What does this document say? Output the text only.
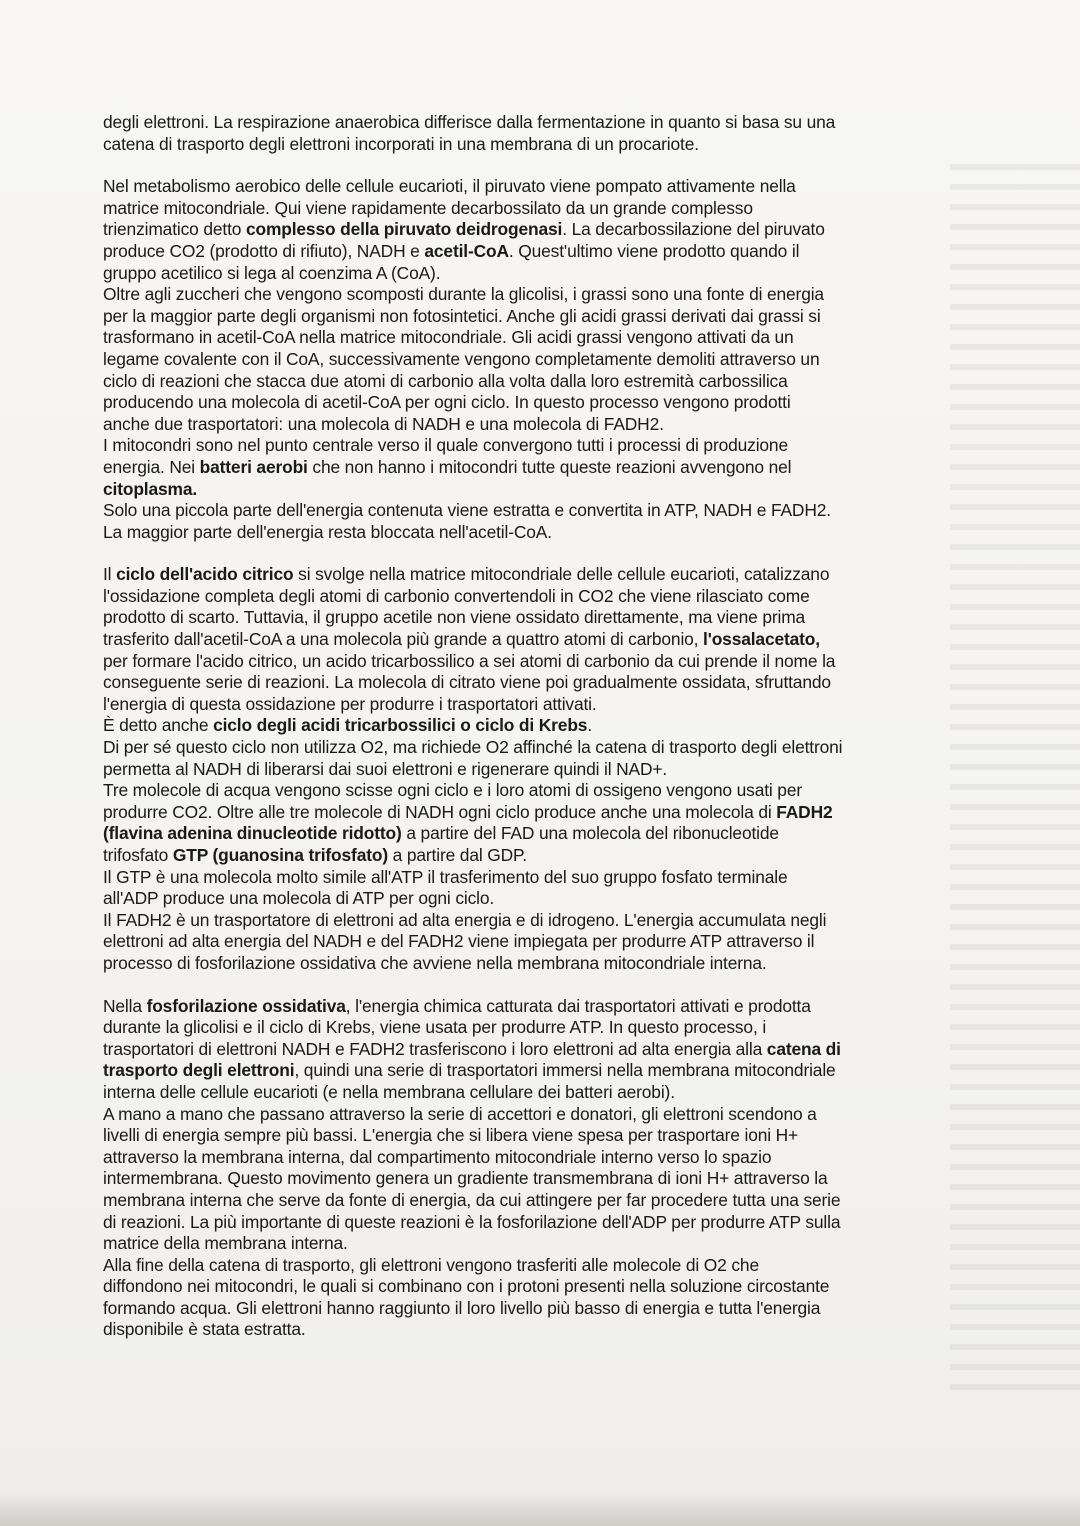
degli elettroni. La respirazione anaerobica differisce dalla fermentazione in quanto si basa su una
catena di trasporto degli elettroni incorporati in una membrana di un procariote.

Nel metabolismo aerobico delle cellule eucarioti, il piruvato viene pompato attivamente nella
matrice mitocondriale. Qui viene rapidamente decarbossilato da un grande complesso
trienzimatico detto complesso della piruvato deidrogenasi. La decarbossilazione del piruvato
produce CO2 (prodotto di rifiuto), NADH e acetil-CoA. Quest'ultimo viene prodotto quando il
gruppo acetilico si lega al coenzima A (CoA).
Oltre agli zuccheri che vengono scomposti durante la glicolisi, i grassi sono una fonte di energia
per la maggior parte degli organismi non fotosintetici. Anche gli acidi grassi derivati dai grassi si
trasformano in acetil-CoA nella matrice mitocondriale. Gli acidi grassi vengono attivati da un
legame covalente con il CoA, successivamente vengono completamente demoliti attraverso un
ciclo di reazioni che stacca due atomi di carbonio alla volta dalla loro estremità carbossilica
producendo una molecola di acetil-CoA per ogni ciclo. In questo processo vengono prodotti
anche due trasportatori: una molecola di NADH e una molecola di FADH2.
I mitocondri sono nel punto centrale verso il quale convergono tutti i processi di produzione
energia. Nei batteri aerobi che non hanno i mitocondri tutte queste reazioni avvengono nel
citoplasma.
Solo una piccola parte dell'energia contenuta viene estratta e convertita in ATP, NADH e FADH2.
La maggior parte dell'energia resta bloccata nell'acetil-CoA.

Il ciclo dell'acido citrico si svolge nella matrice mitocondriale delle cellule eucarioti, catalizzano
l'ossidazione completa degli atomi di carbonio convertendoli in CO2 che viene rilasciato come
prodotto di scarto. Tuttavia, il gruppo acetile non viene ossidato direttamente, ma viene prima
trasferito dall'acetil-CoA a una molecola più grande a quattro atomi di carbonio, l'ossalacetato,
per formare l'acido citrico, un acido tricarbossilico a sei atomi di carbonio da cui prende il nome la
conseguente serie di reazioni. La molecola di citrato viene poi gradualmente ossidata, sfruttando
l'energia di questa ossidazione per produrre i trasportatori attivati.
È detto anche ciclo degli acidi tricarbossilici o ciclo di Krebs.
Di per sé questo ciclo non utilizza O2, ma richiede O2 affinché la catena di trasporto degli elettroni
permetta al NADH di liberarsi dai suoi elettroni e rigenerare quindi il NAD+.
Tre molecole di acqua vengono scisse ogni ciclo e i loro atomi di ossigeno vengono usati per
produrre CO2. Oltre alle tre molecole di NADH ogni ciclo produce anche una molecola di FADH2
(flavina adenina dinucleotide ridotto) a partire del FAD una molecola del ribonucleotide
trifosfato GTP (guanosina trifosfato) a partire dal GDP.
Il GTP è una molecola molto simile all'ATP il trasferimento del suo gruppo fosfato terminale
all'ADP produce una molecola di ATP per ogni ciclo.
Il FADH2 è un trasportatore di elettroni ad alta energia e di idrogeno. L'energia accumulata negli
elettroni ad alta energia del NADH e del FADH2 viene impiegata per produrre ATP attraverso il
processo di fosforilazione ossidativa che avviene nella membrana mitocondriale interna.

Nella fosforilazione ossidativa, l'energia chimica catturata dai trasportatori attivati e prodotta
durante la glicolisi e il ciclo di Krebs, viene usata per produrre ATP. In questo processo, i
trasportatori di elettroni NADH e FADH2 trasferiscono i loro elettroni ad alta energia alla catena di
trasporto degli elettroni, quindi una serie di trasportatori immersi nella membrana mitocondriale
interna delle cellule eucarioti (e nella membrana cellulare dei batteri aerobi).
A mano a mano che passano attraverso la serie di accettori e donatori, gli elettroni scendono a
livelli di energia sempre più bassi. L'energia che si libera viene spesa per trasportare ioni H+
attraverso la membrana interna, dal compartimento mitocondriale interno verso lo spazio
intermembrana. Questo movimento genera un gradiente transmembrana di ioni H+ attraverso la
membrana interna che serve da fonte di energia, da cui attingere per far procedere tutta una serie
di reazioni. La più importante di queste reazioni è la fosforilazione dell'ADP per produrre ATP sulla
matrice della membrana interna.
Alla fine della catena di trasporto, gli elettroni vengono trasferiti alle molecole di O2 che
diffondono nei mitocondri, le quali si combinano con i protoni presenti nella soluzione circostante
formando acqua. Gli elettroni hanno raggiunto il loro livello più basso di energia e tutta l'energia
disponibile è stata estratta.
